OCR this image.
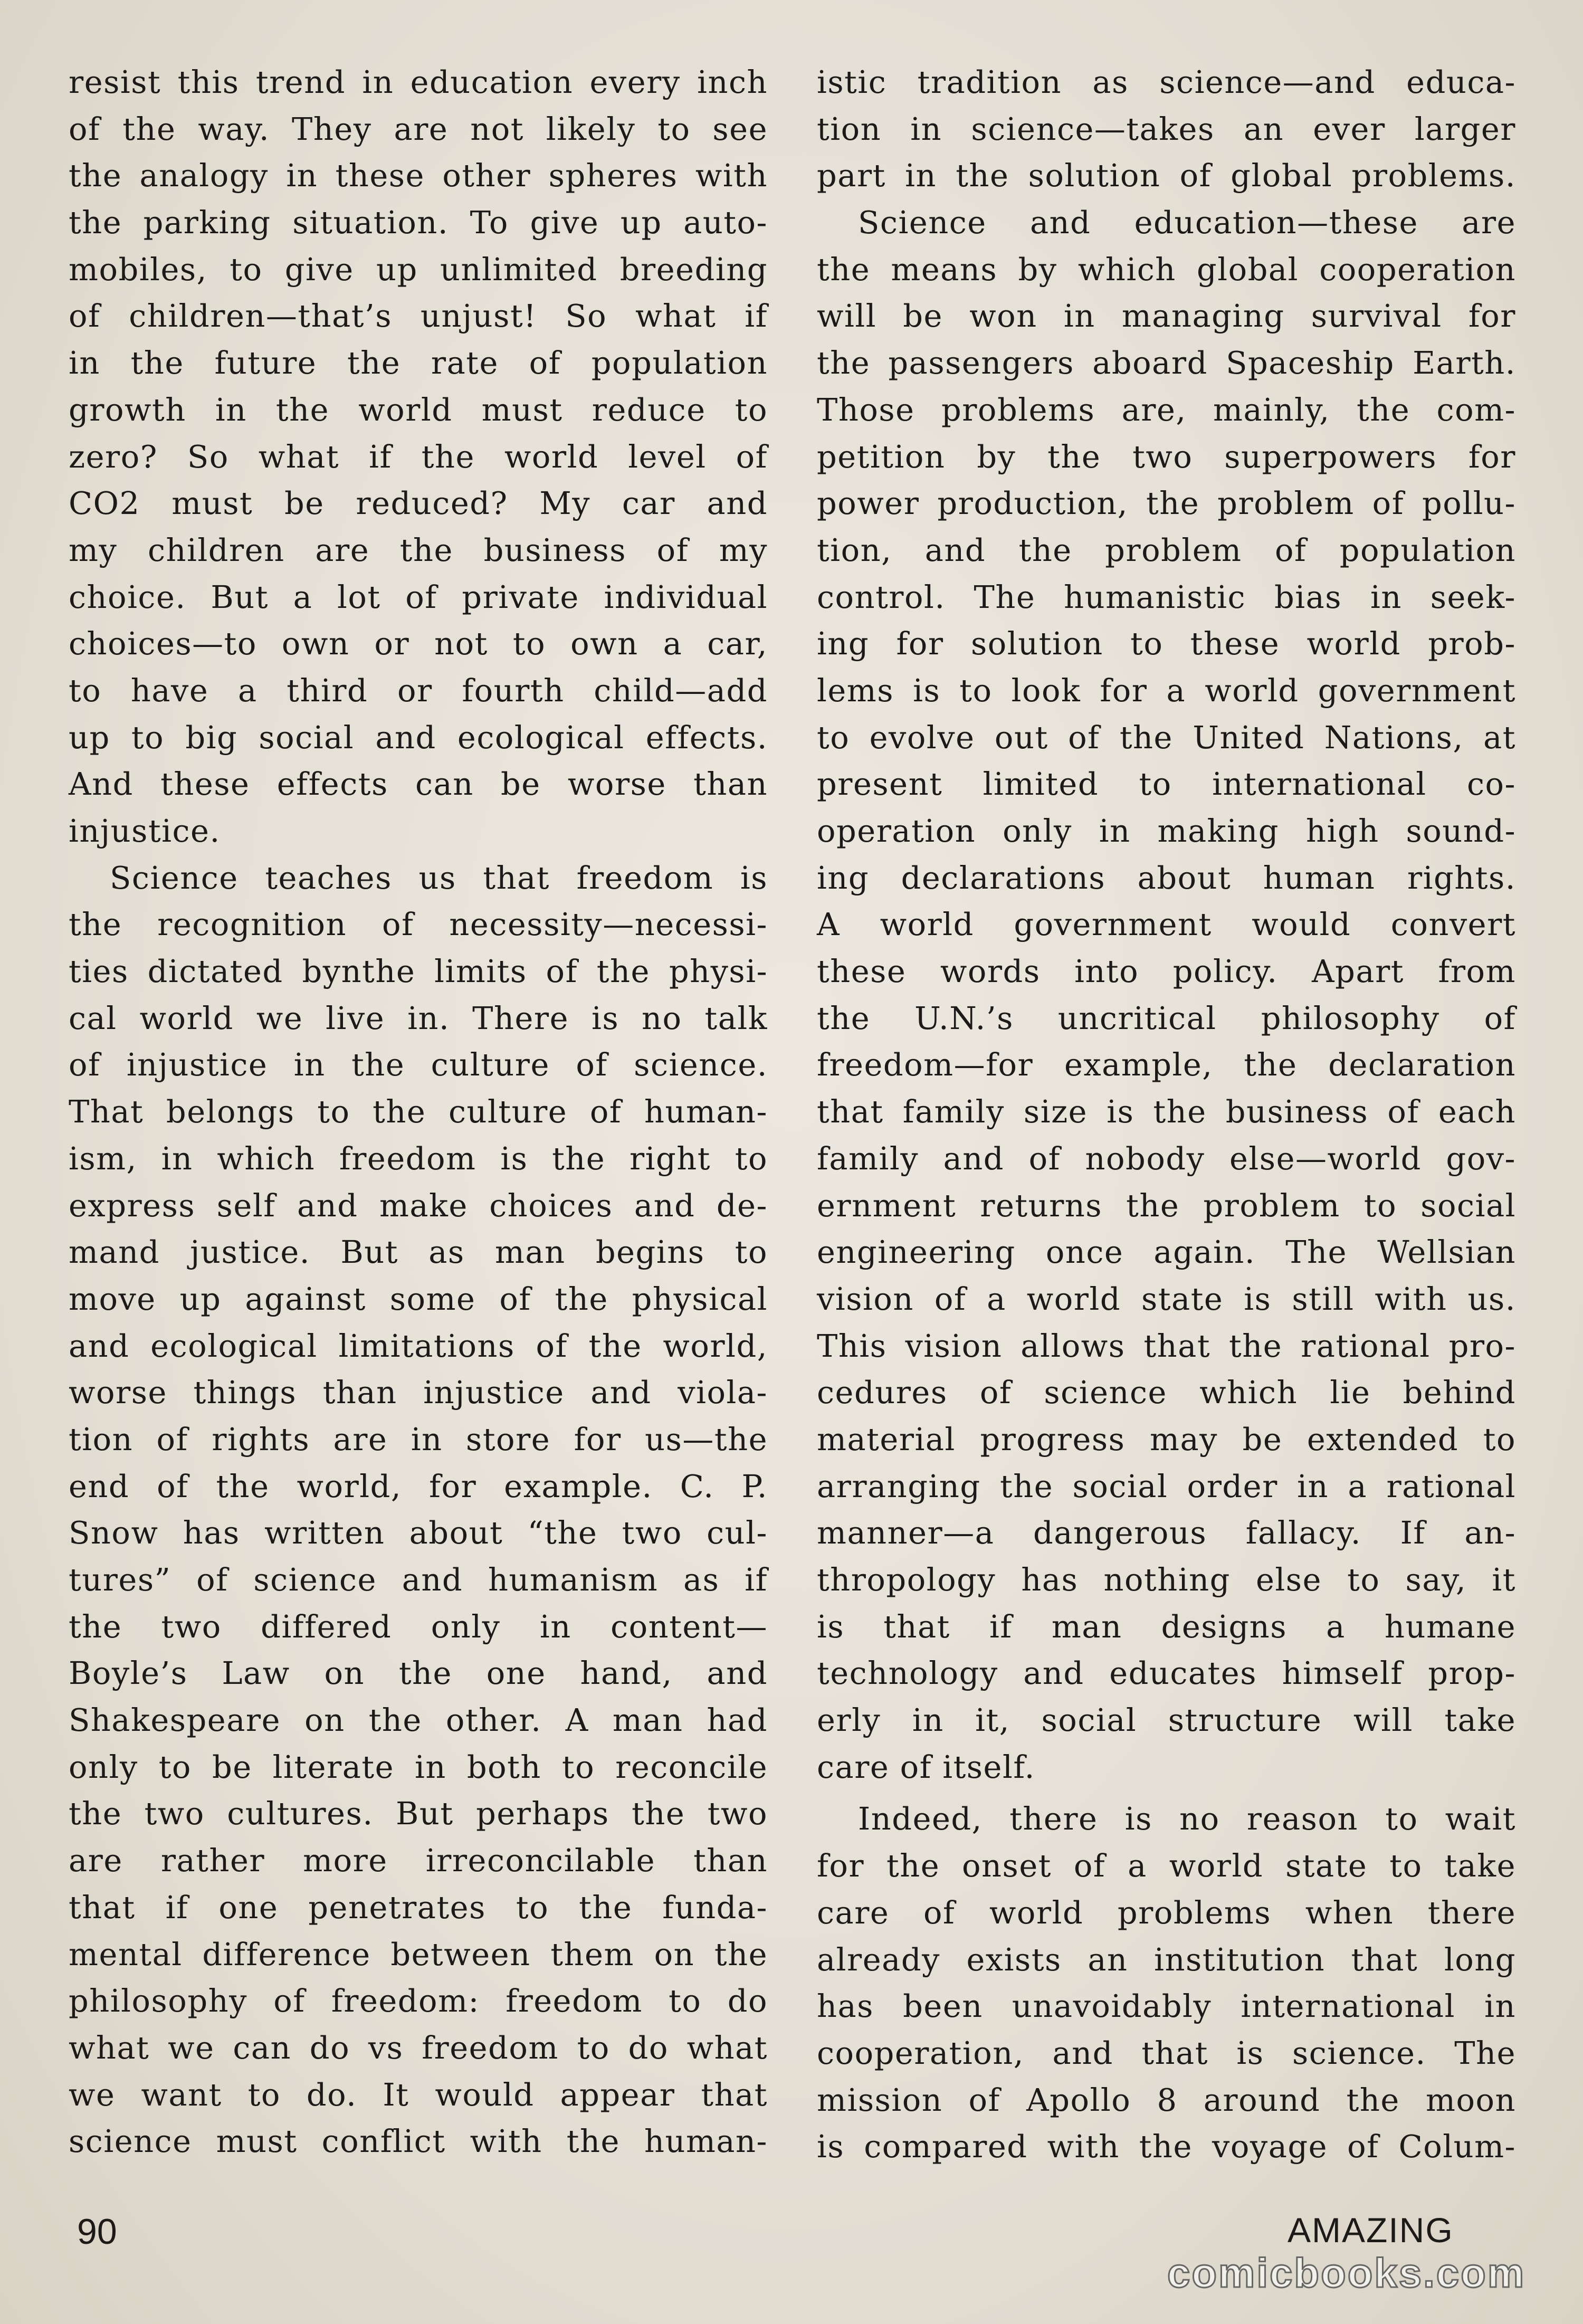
resist this trend in education every inch
of the way. They are not likely to see
the analogy in these other spheres with
the parking situation. To give up auto-
mobiles, to give up unlimited breeding
of children—that’s unjust! So what if
in the future the rate of population
growth in the world must reduce to
zero? So what if the world level of
CO2 must be reduced? My car and
my children are the business of my
choice. But a lot of private individual
choices—to own or not to own a car,
to have a third or fourth child—add
up to big social and ecological effects.
And these effects can be worse than
injustice.
Science teaches us that freedom is
the recognition of necessity—necessi-
ties dictated bynthe limits of the physi-
cal world we live in. There is no talk
of injustice in the culture of science.
That belongs to the culture of human-
ism, in which freedom is the right to
express self and make choices and de-
mand justice. But as man begins to
move up against some of the physical
and ecological limitations of the world,
worse things than injustice and viola-
tion of rights are in store for us—the
end of the world, for example. C. P.
Snow has written about “the two cul-
tures” of science and humanism as if
the two differed only in content—
Boyle’s Law on the one hand, and
Shakespeare on the other. A man had
only to be literate in both to reconcile
the two cultures. But perhaps the two
are rather more irreconcilable than
that if one penetrates to the funda-
mental difference between them on the
philosophy of freedom: freedom to do
what we can do vs freedom to do what
we want to do. It would appear that
science must conflict with the human-
istic tradition as science—and educa-
tion in science—takes an ever larger
part in the solution of global problems.
Science and education—these are
the means by which global cooperation
will be won in managing survival for
the passengers aboard Spaceship Earth.
Those problems are, mainly, the com-
petition by the two superpowers for
power production, the problem of pollu-
tion, and the problem of population
control. The humanistic bias in seek-
ing for solution to these world prob-
lems is to look for a world government
to evolve out of the United Nations, at
present limited to international co-
operation only in making high sound-
ing declarations about human rights.
A world government would convert
these words into policy. Apart from
the U.N.’s uncritical philosophy of
freedom—for example, the declaration
that family size is the business of each
family and of nobody else—world gov-
ernment returns the problem to social
engineering once again. The Wellsian
vision of a world state is still with us.
This vision allows that the rational pro-
cedures of science which lie behind
material progress may be extended to
arranging the social order in a rational
manner—a dangerous fallacy. If an-
thropology has nothing else to say, it
is that if man designs a humane
technology and educates himself prop-
erly in it, social structure will take
care of itself.
Indeed, there is no reason to wait
for the onset of a world state to take
care of world problems when there
already exists an institution that long
has been unavoidably international in
cooperation, and that is science. The
mission of Apollo 8 around the moon
is compared with the voyage of Colum-
90	AMAZING
comicbooks.com
